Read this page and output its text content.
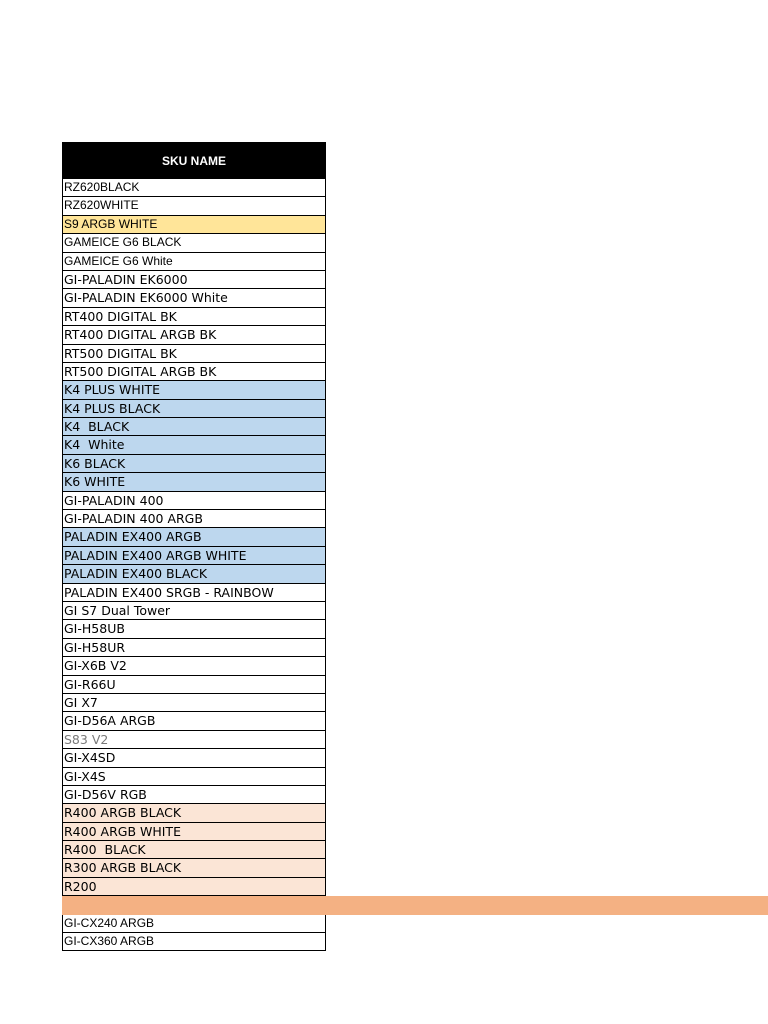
SKU NAME
RZ620BLACK
RZ620WHITE
S9 ARGB WHITE
GAMEICE G6 BLACK
GAMEICE G6 White
GI-PALADIN EK6000
GI-PALADIN EK6000 White
RT400 DIGITAL BK
RT400 DIGITAL ARGB BK
RT500 DIGITAL BK
RT500 DIGITAL ARGB BK
K4 PLUS WHITE
K4 PLUS BLACK
K4  BLACK
K4  White
K6 BLACK
K6 WHITE
GI-PALADIN 400
GI-PALADIN 400 ARGB
PALADIN EX400 ARGB
PALADIN EX400 ARGB WHITE
PALADIN EX400 BLACK
PALADIN EX400 SRGB - RAINBOW
GI S7 Dual Tower
GI-H58UB
GI-H58UR
GI-X6B V2
GI-R66U
GI X7
GI-D56A ARGB
S83 V2
GI-X4SD
GI-X4S
GI-D56V RGB
R400 ARGB BLACK
R400 ARGB WHITE
R400  BLACK
R300 ARGB BLACK
R200
GI-CX240 ARGB
GI-CX360 ARGB
